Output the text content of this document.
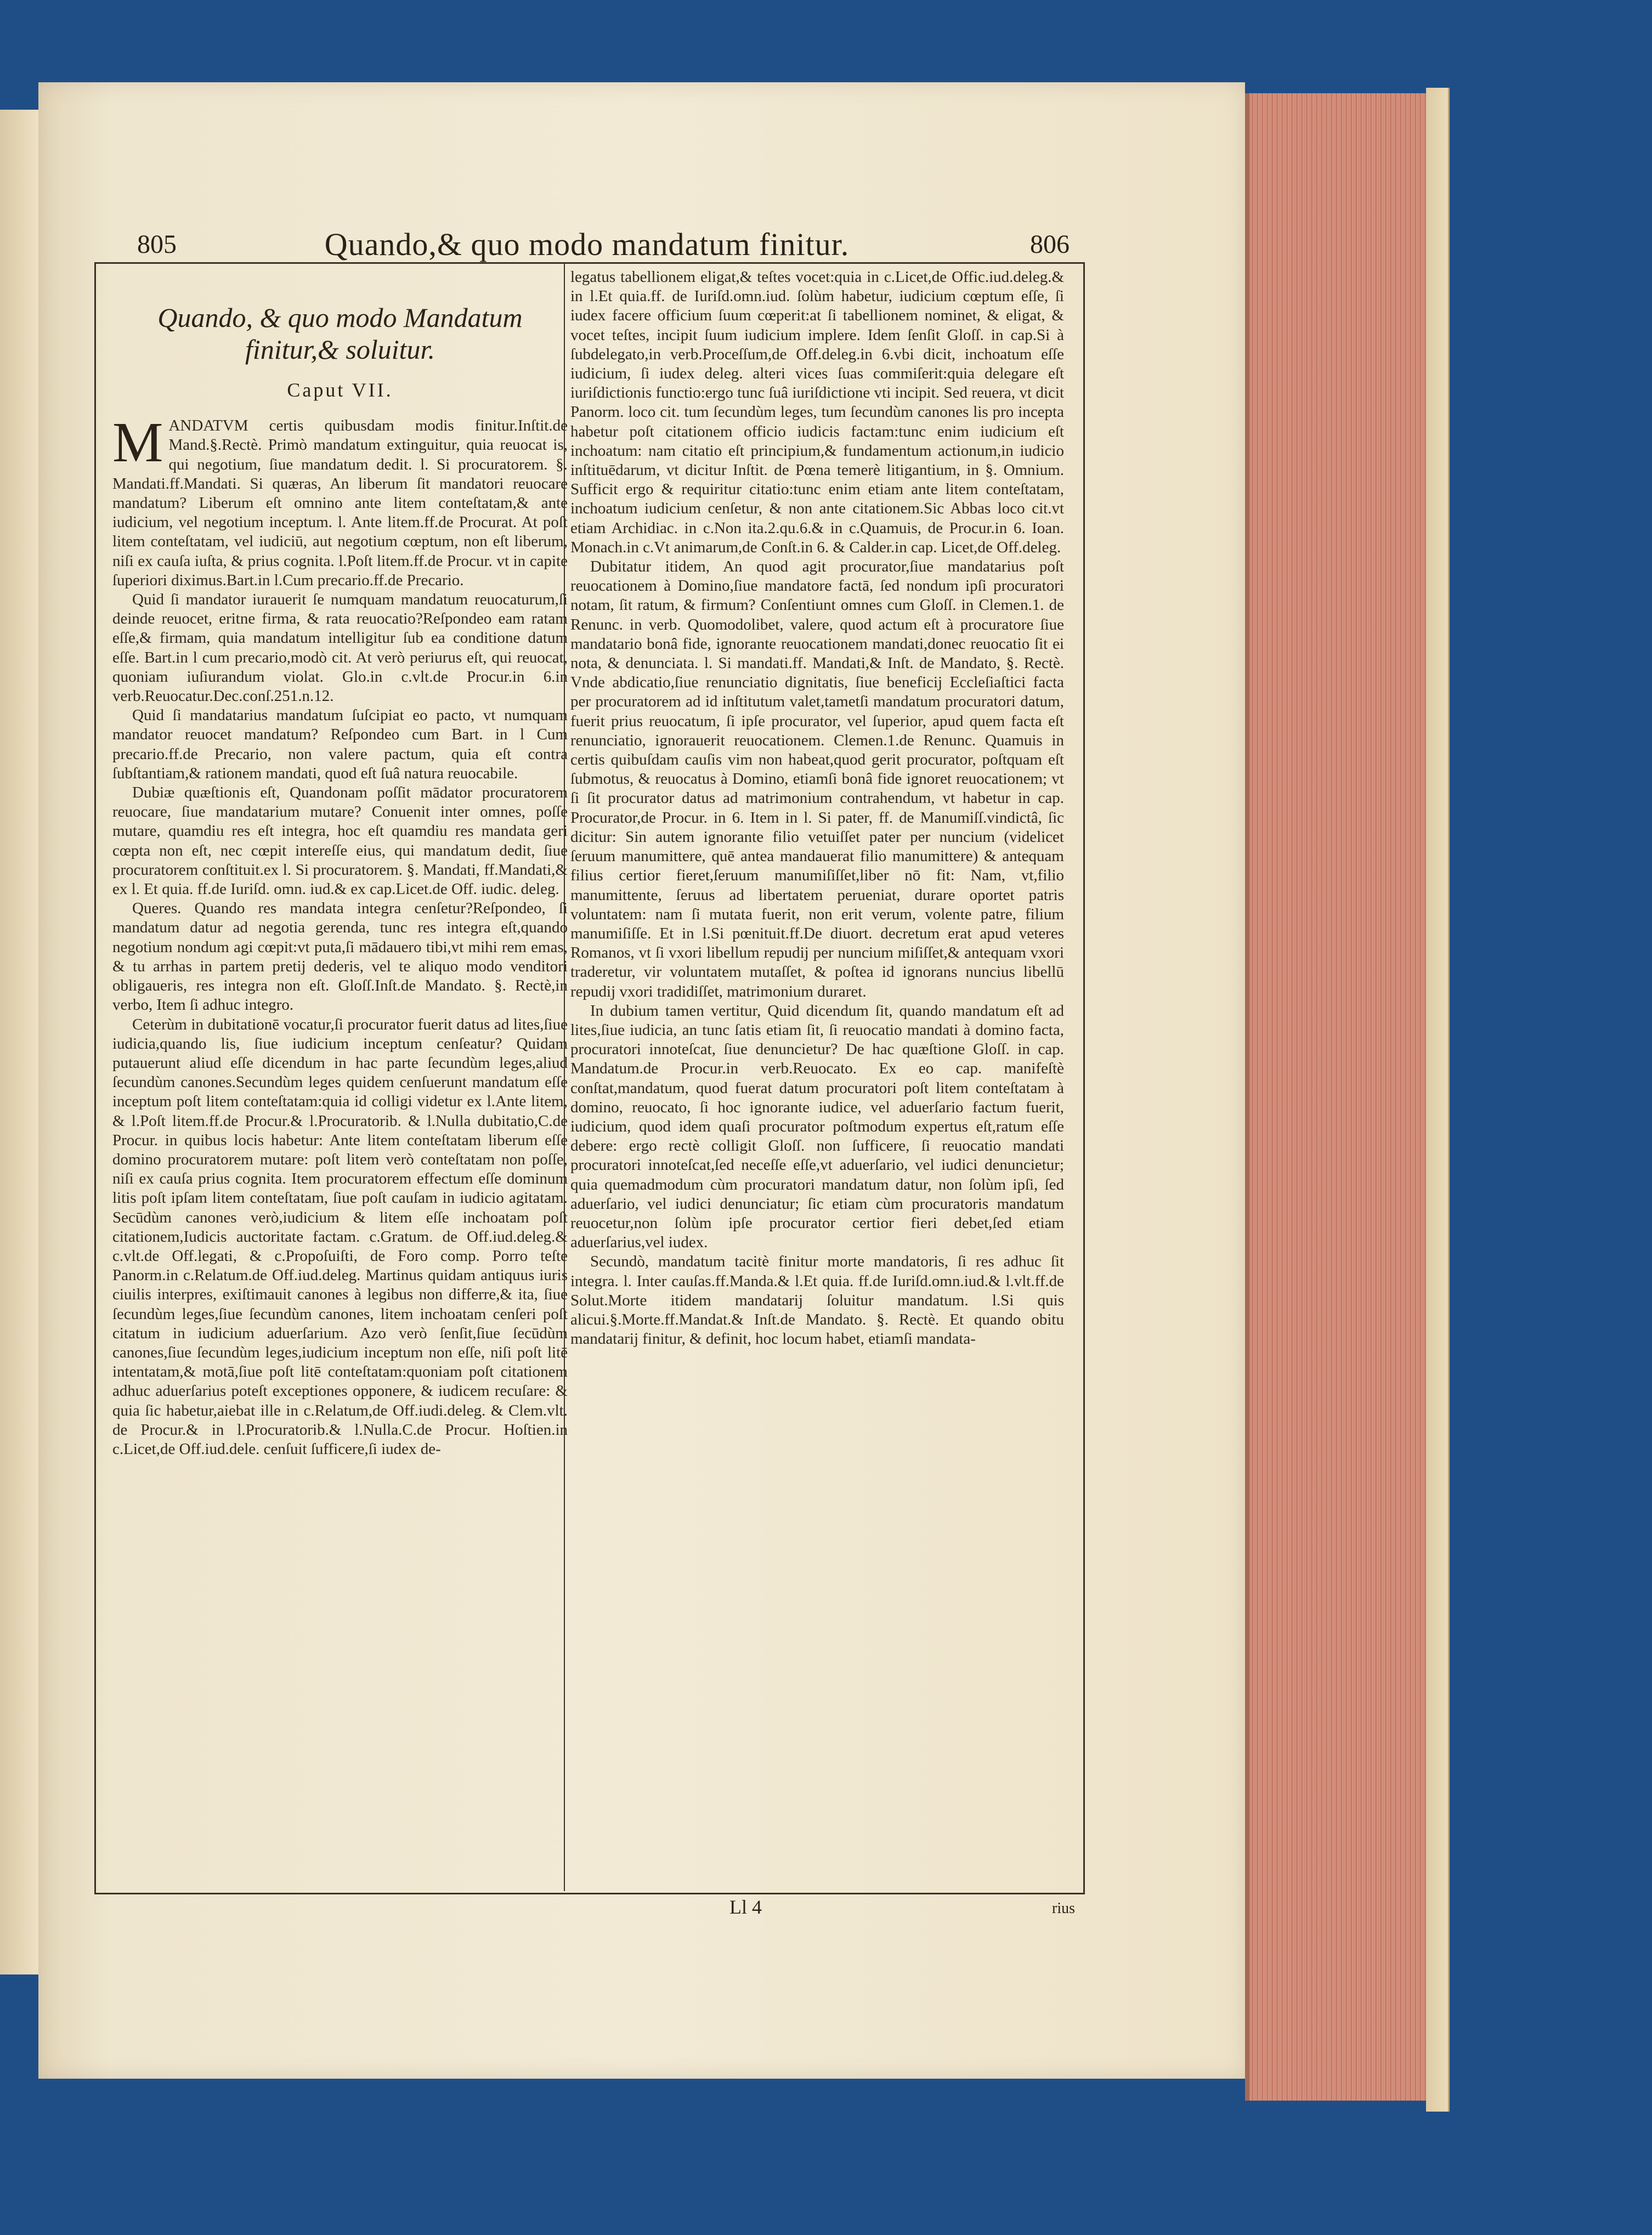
805	Quando,& quo modo mandatum finitur.	806
Quando, & quo modo Mandatum finitur,& soluitur.
Caput VII.

MANDATVM certis quibusdam modis finitur.Inſtit.de Mand.§.Rectè. Primò mandatum extinguitur, quia reuocat is, qui negotium, ſiue mandatum dedit. l. Si procuratorem. §. Mandati.ff.Mandati. Si quæras, An liberum ſit mandatori reuocare mandatum? Liberum eſt omnino ante litem conteſtatam,& ante iudicium, vel negotium inceptum. l. Ante litem.ff.de Procurat. At poſt litem conteſtatam, vel iudiciū, aut negotium cœptum, non eſt liberum, niſi ex cauſa iuſta, & prius cognita. l.Poſt litem.ff.de Procur. vt in capite ſuperiori diximus.Bart.in l.Cum precario.ff.de Precario.

Quid ſi mandator iurauerit ſe numquam mandatum reuocaturum,ſi deinde reuocet, eritne firma, & rata reuocatio?Reſpondeo eam ratam eſſe,& firmam, quia mandatum intelligitur ſub ea conditione datum eſſe. Bart.in l cum precario,modò cit. At verò periurus eſt, qui reuocat, quoniam iuſiurandum violat. Glo.in c.vlt.de Procur.in 6.in verb.Reuocatur.Dec.conſ.251.n.12.

Quid ſi mandatarius mandatum ſuſcipiat eo pacto, vt numquam mandator reuocet mandatum? Reſpondeo cum Bart. in l Cum precario.ff.de Precario, non valere pactum, quia eſt contra ſubſtantiam,& rationem mandati, quod eſt ſuâ natura reuocabile.

Dubiæ quæſtionis eſt, Quandonam poſſit mādator procuratorem reuocare, ſiue mandatarium mutare? Conuenit inter omnes, poſſe mutare, quamdiu res eſt integra, hoc eſt quamdiu res mandata geri cœpta non eſt, nec cœpit intereſſe eius, qui mandatum dedit, ſiue procuratorem conſtituit.ex l. Si procuratorem. §. Mandati, ff.Mandati,& ex l. Et quia. ff.de Iuriſd. omn. iud.& ex cap.Licet.de Off. iudic. deleg.

Queres. Quando res mandata integra cenſetur?Reſpondeo, ſi mandatum datur ad negotia gerenda, tunc res integra eſt,quando negotium nondum agi cœpit:vt puta,ſi mādauero tibi,vt mihi rem emas, & tu arrhas in partem pretij dederis, vel te aliquo modo venditori obligaueris, res integra non eſt. Gloſſ.Inſt.de Mandato. §. Rectè,in verbo, Item ſi adhuc integro.

Ceterùm in dubitationē vocatur,ſi procurator fuerit datus ad lites,ſiue iudicia,quando lis, ſiue iudicium inceptum cenſeatur? Quidam putauerunt aliud eſſe dicendum in hac parte ſecundùm leges,aliud ſecundùm canones.Secundùm leges quidem cenſuerunt mandatum eſſe inceptum poſt litem conteſtatam:quia id colligi videtur ex l.Ante litem, & l.Poſt litem.ff.de Procur.& l.Procuratorib. & l.Nulla dubitatio,C.de Procur. in quibus locis habetur: Ante litem conteſtatam liberum eſſe domino procuratorem mutare: poſt litem verò conteſtatam non poſſe, niſi ex cauſa prius cognita. Item procuratorem effectum eſſe dominum litis poſt ipſam litem conteſtatam, ſiue poſt cauſam in iudicio agitatam. Secūdùm canones verò,iudicium & litem eſſe inchoatam poſt citationem,Iudicis auctoritate factam. c.Gratum. de Off.iud.deleg.& c.vlt.de Off.legati, & c.Propoſuiſti, de Foro comp. Porro teſte Panorm.in c.Relatum.de Off.iud.deleg. Martinus quidam antiquus iuris ciuilis interpres, exiſtimauit canones à legibus non differre,& ita, ſiue ſecundùm leges,ſiue ſecundùm canones, litem inchoatam cenſeri poſt citatum in iudicium aduerſarium. Azo verò ſenſit,ſiue ſecūdùm canones,ſiue ſecundùm leges,iudicium inceptum non eſſe, niſi poſt litē intentatam,& motā,ſiue poſt litē conteſtatam:quoniam poſt citationem adhuc aduerſarius poteſt exceptiones opponere, & iudicem recuſare: & quia ſic habetur,aiebat ille in c.Relatum,de Off.iudi.deleg. & Clem.vlt. de Procur.& in l.Procuratorib.& l.Nulla.C.de Procur. Hoſtien.in c.Licet,de Off.iud.dele. cenſuit ſufficere,ſi iudex de-

legatus tabellionem eligat,& teſtes vocet:quia in c.Licet,de Offic.iud.deleg.& in l.Et quia.ff. de Iuriſd.omn.iud. ſolùm habetur, iudicium cœptum eſſe, ſi iudex facere officium ſuum cœperit:at ſi tabellionem nominet, & eligat, & vocet teſtes, incipit ſuum iudicium implere. Idem ſenſit Gloſſ. in cap.Si à ſubdelegato,in verb.Proceſſum,de Off.deleg.in 6.vbi dicit, inchoatum eſſe iudicium, ſi iudex deleg. alteri vices ſuas commiſerit:quia delegare eſt iuriſdictionis functio:ergo tunc ſuâ iuriſdictione vti incipit. Sed reuera, vt dicit Panorm. loco cit. tum ſecundùm leges, tum ſecundùm canones lis pro incepta habetur poſt citationem officio iudicis factam:tunc enim iudicium eſt inchoatum: nam citatio eſt principium,& fundamentum actionum,in iudicio inſtituēdarum, vt dicitur Inſtit. de Pœna temerè litigantium, in §. Omnium. Sufficit ergo & requiritur citatio:tunc enim etiam ante litem conteſtatam, inchoatum iudicium cenſetur, & non ante citationem.Sic Abbas loco cit.vt etiam Archidiac. in c.Non ita.2.qu.6.& in c.Quamuis, de Procur.in 6. Ioan. Monach.in c.Vt animarum,de Conſt.in 6. & Calder.in cap. Licet,de Off.deleg.

Dubitatur itidem, An quod agit procurator,ſiue mandatarius poſt reuocationem à Domino,ſiue mandatore factā, ſed nondum ipſi procuratori notam, ſit ratum, & firmum? Conſentiunt omnes cum Gloſſ. in Clemen.1. de Renunc. in verb. Quomodolibet, valere, quod actum eſt à procuratore ſiue mandatario bonâ fide, ignorante reuocationem mandati,donec reuocatio ſit ei nota, & denunciata. l. Si mandati.ff. Mandati,& Inſt. de Mandato, §. Rectè. Vnde abdicatio,ſiue renunciatio dignitatis, ſiue beneficij Eccleſiaſtici facta per procuratorem ad id inſtitutum valet,tametſi mandatum procuratori datum, fuerit prius reuocatum, ſi ipſe procurator, vel ſuperior, apud quem facta eſt renunciatio, ignorauerit reuocationem. Clemen.1.de Renunc. Quamuis in certis quibuſdam cauſis vim non habeat,quod gerit procurator, poſtquam eſt ſubmotus, & reuocatus à Domino, etiamſi bonâ fide ignoret reuocationem; vt ſi ſit procurator datus ad matrimonium contrahendum, vt habetur in cap. Procurator,de Procur. in 6. Item in l. Si pater, ff. de Manumiſſ.vindictâ, ſic dicitur: Sin autem ignorante filio vetuiſſet pater per nuncium (videlicet ſeruum manumittere, quē antea mandauerat filio manumittere) & antequam filius certior fieret,ſeruum manumiſiſſet,liber nō fit: Nam, vt,filio manumittente, ſeruus ad libertatem perueniat, durare oportet patris voluntatem: nam ſi mutata fuerit, non erit verum, volente patre, filium manumiſiſſe. Et in l.Si pœnituit.ff.De diuort. decretum erat apud veteres Romanos, vt ſi vxori libellum repudij per nuncium miſiſſet,& antequam vxori traderetur, vir voluntatem mutaſſet, & poſtea id ignorans nuncius libellū repudij vxori tradidiſſet, matrimonium duraret.

In dubium tamen vertitur, Quid dicendum ſit, quando mandatum eſt ad lites,ſiue iudicia, an tunc ſatis etiam ſit, ſi reuocatio mandati à domino facta, procuratori innoteſcat, ſiue denuncietur? De hac quæſtione Gloſſ. in cap. Mandatum.de Procur.in verb.Reuocato. Ex eo cap. manifeſtè conſtat,mandatum, quod fuerat datum procuratori poſt litem conteſtatam à domino, reuocato, ſi hoc ignorante iudice, vel aduerſario factum fuerit, iudicium, quod idem quaſi procurator poſtmodum expertus eſt,ratum eſſe debere: ergo rectè colligit Gloſſ. non ſufficere, ſi reuocatio mandati procuratori innoteſcat,ſed neceſſe eſſe,vt aduerſario, vel iudici denuncietur; quia quemadmodum cùm procuratori mandatum datur, non ſolùm ipſi, ſed aduerſario, vel iudici denunciatur; ſic etiam cùm procuratoris mandatum reuocetur,non ſolùm ipſe procurator certior fieri debet,ſed etiam aduerſarius,vel iudex.

Secundò, mandatum tacitè finitur morte mandatoris, ſi res adhuc ſit integra. l. Inter cauſas.ff.Manda.& l.Et quia. ff.de Iuriſd.omn.iud.& l.vlt.ff.de Solut.Morte itidem mandatarij ſoluitur mandatum. l.Si quis alicui.§.Morte.ff.Mandat.& Inſt.de Mandato. §. Rectè. Et quando obitu mandatarij finitur, & definit, hoc locum habet, etiamſi mandata-

Ll 4	rius
